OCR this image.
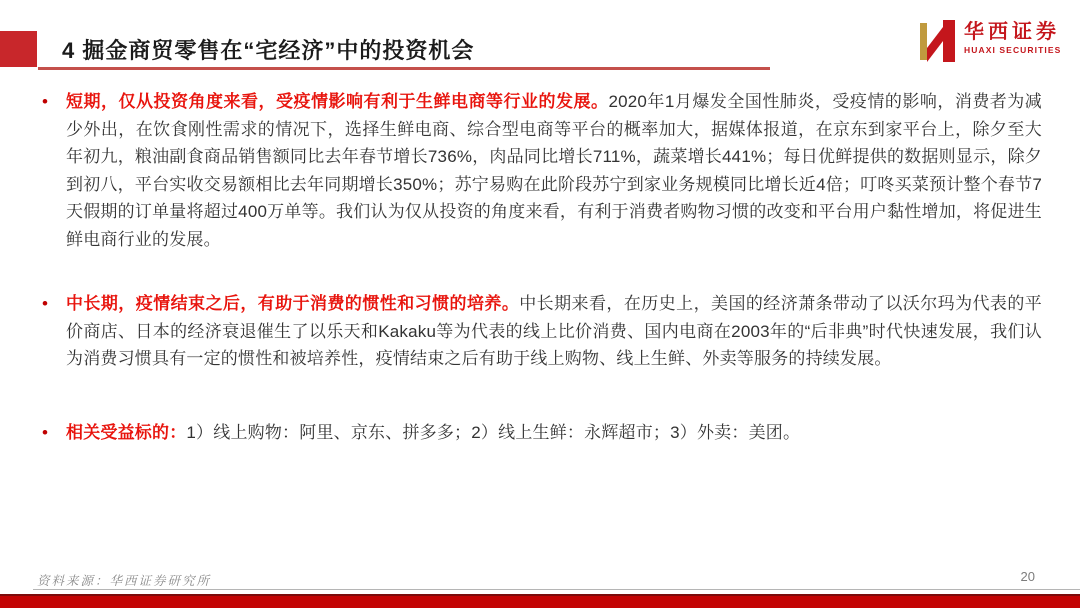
4 掘金商贸零售在“宅经济”中的投资机会
华西证券
HUAXI SECURITIES
• 短期，仅从投资角度来看，受疫情影响有利于生鲜电商等行业的发展。2020年1月爆发全国性肺炎，受疫情的影响，消费者为减少外出，在饮食刚性需求的情况下，选择生鲜电商、综合型电商等平台的概率加大，据媒体报道，在京东到家平台上，除夕至大年初九，粮油副食商品销售额同比去年春节增长736%，肉品同比增长711%，蔬菜增长441%；每日优鲜提供的数据则显示，除夕到初八，平台实收交易额相比去年同期增长350%；苏宁易购在此阶段苏宁到家业务规模同比增长近4倍；叮咚买菜预计整个春节7天假期的订单量将超过400万单等。我们认为仅从投资的角度来看，有利于消费者购物习惯的改变和平台用户黏性增加，将促进生鲜电商行业的发展。
• 中长期，疫情结束之后，有助于消费的惯性和习惯的培养。中长期来看，在历史上，美国的经济萧条带动了以沃尔玛为代表的平价商店、日本的经济衰退催生了以乐天和Kakaku等为代表的线上比价消费、国内电商在2003年的“后非典”时代快速发展，我们认为消费习惯具有一定的惯性和被培养性，疫情结束之后有助于线上购物、线上生鲜、外卖等服务的持续发展。
• 相关受益标的：1）线上购物：阿里、京东、拼多多；2）线上生鲜：永辉超市；3）外卖：美团。
资料来源：华西证券研究所	20
